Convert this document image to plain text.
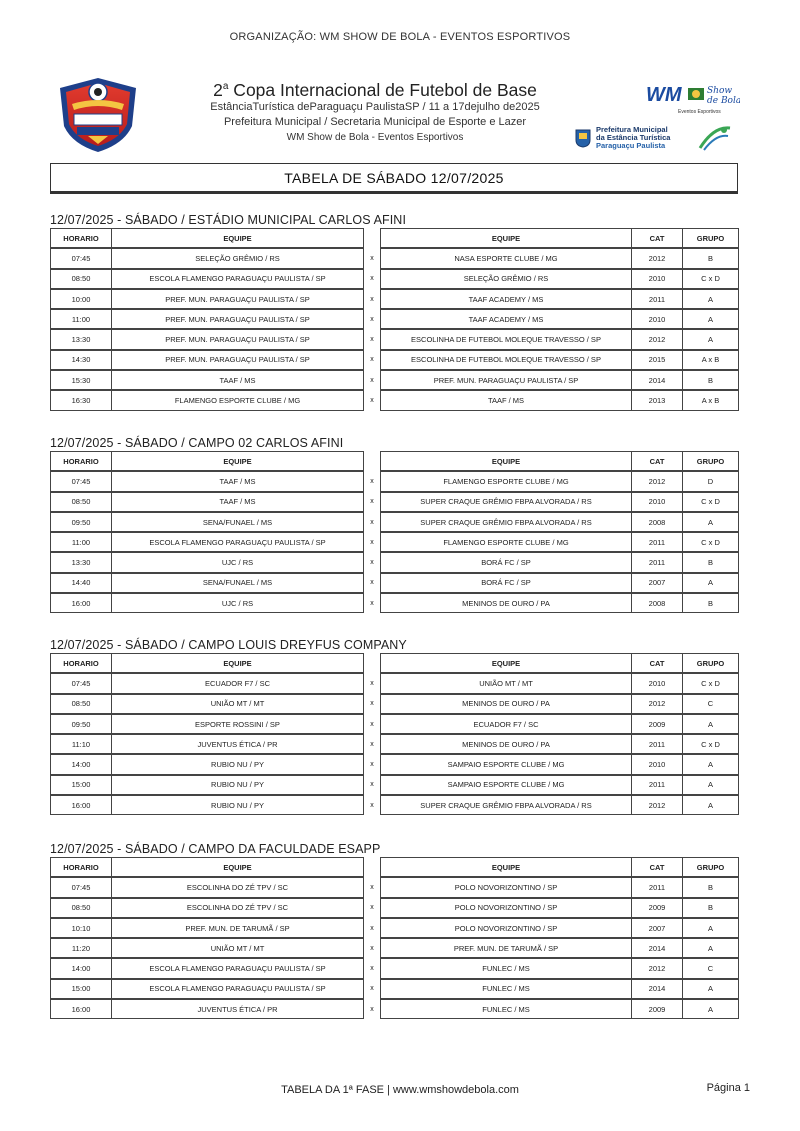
ORGANIZAÇÃO: WM SHOW DE BOLA - EVENTOS ESPORTIVOS
2$^a$ Copa Internacional de Futebol de Base
EstânciaTurística deParaguaçu PaulistaSP / 11 a 17dejulho de2025
Prefeitura Municipal / Secretaria Municipal de Esporte e Lazer
WM Show de Bola - Eventos Esportivos
WM	Show
de Bola
Eventos Esportivos
Prefeitura Municipal
da Estância Turística
Paraguaçu Paulista
TABELA DE SÁBADO 12/07/2025
12/07/2025 - SÁBADO / ESTÁDIO MUNICIPAL CARLOS AFINI
HORARIO	EQUIPE	EQUIPE	CAT	GRUPO
07:45	SELEÇÃO GRÊMIO / RS	x	NASA ESPORTE CLUBE / MG	2012	B
08:50	ESCOLA FLAMENGO PARAGUAÇU PAULISTA / SP	x	SELEÇÃO GRÊMIO / RS	2010	C x D
10:00	PREF. MUN. PARAGUAÇU PAULISTA / SP	x	TAAF ACADEMY / MS	2011	A
11:00	PREF. MUN. PARAGUAÇU PAULISTA / SP	x	TAAF ACADEMY / MS	2010	A
13:30	PREF. MUN. PARAGUAÇU PAULISTA / SP	x	ESCOLINHA DE FUTEBOL MOLEQUE TRAVESSO / SP	2012	A
14:30	PREF. MUN. PARAGUAÇU PAULISTA / SP	x	ESCOLINHA DE FUTEBOL MOLEQUE TRAVESSO / SP	2015	A x B
15:30	TAAF / MS	x	PREF. MUN. PARAGUAÇU PAULISTA / SP	2014	B
16:30	FLAMENGO ESPORTE CLUBE / MG	x	TAAF / MS	2013	A x B
12/07/2025 - SÁBADO / CAMPO 02 CARLOS AFINI
HORARIO	EQUIPE	EQUIPE	CAT	GRUPO
07:45	TAAF / MS	x	FLAMENGO ESPORTE CLUBE / MG	2012	D
08:50	TAAF / MS	x	SUPER CRAQUE GRÊMIO FBPA ALVORADA / RS	2010	C x D
09:50	SENA/FUNAEL / MS	x	SUPER CRAQUE GRÊMIO FBPA ALVORADA / RS	2008	A
11:00	ESCOLA FLAMENGO PARAGUAÇU PAULISTA / SP	x	FLAMENGO ESPORTE CLUBE / MG	2011	C x D
13:30	UJC / RS	x	BORÁ FC / SP	2011	B
14:40	SENA/FUNAEL / MS	x	BORÁ FC / SP	2007	A
16:00	UJC / RS	x	MENINOS DE OURO / PA	2008	B
12/07/2025 - SÁBADO / CAMPO LOUIS DREYFUS COMPANY
HORARIO	EQUIPE	EQUIPE	CAT	GRUPO
07:45	ECUADOR F7 / SC	x	UNIÃO MT / MT	2010	C x D
08:50	UNIÃO MT / MT	x	MENINOS DE OURO / PA	2012	C
09:50	ESPORTE ROSSINI / SP	x	ECUADOR F7 / SC	2009	A
11:10	JUVENTUS ÉTICA / PR	x	MENINOS DE OURO / PA	2011	C x D
14:00	RUBIO NU / PY	x	SAMPAIO ESPORTE CLUBE / MG	2010	A
15:00	RUBIO NU / PY	x	SAMPAIO ESPORTE CLUBE / MG	2011	A
16:00	RUBIO NU / PY	x	SUPER CRAQUE GRÊMIO FBPA ALVORADA / RS	2012	A
12/07/2025 - SÁBADO / CAMPO DA FACULDADE ESAPP
HORARIO	EQUIPE	EQUIPE	CAT	GRUPO
07:45	ESCOLINHA DO ZÉ TPV / SC	x	POLO NOVORIZONTINO / SP	2011	B
08:50	ESCOLINHA DO ZÉ TPV / SC	x	POLO NOVORIZONTINO / SP	2009	B
10:10	PREF. MUN. DE TARUMÃ / SP	x	POLO NOVORIZONTINO / SP	2007	A
11:20	UNIÃO MT / MT	x	PREF. MUN. DE TARUMÃ / SP	2014	A
14:00	ESCOLA FLAMENGO PARAGUAÇU PAULISTA / SP	x	FUNLEC / MS	2012	C
15:00	ESCOLA FLAMENGO PARAGUAÇU PAULISTA / SP	x	FUNLEC / MS	2014	A
16:00	JUVENTUS ÉTICA / PR	x	FUNLEC / MS	2009	A
TABELA DA 1ª FASE | www.wmshowdebola.com	Página 1
